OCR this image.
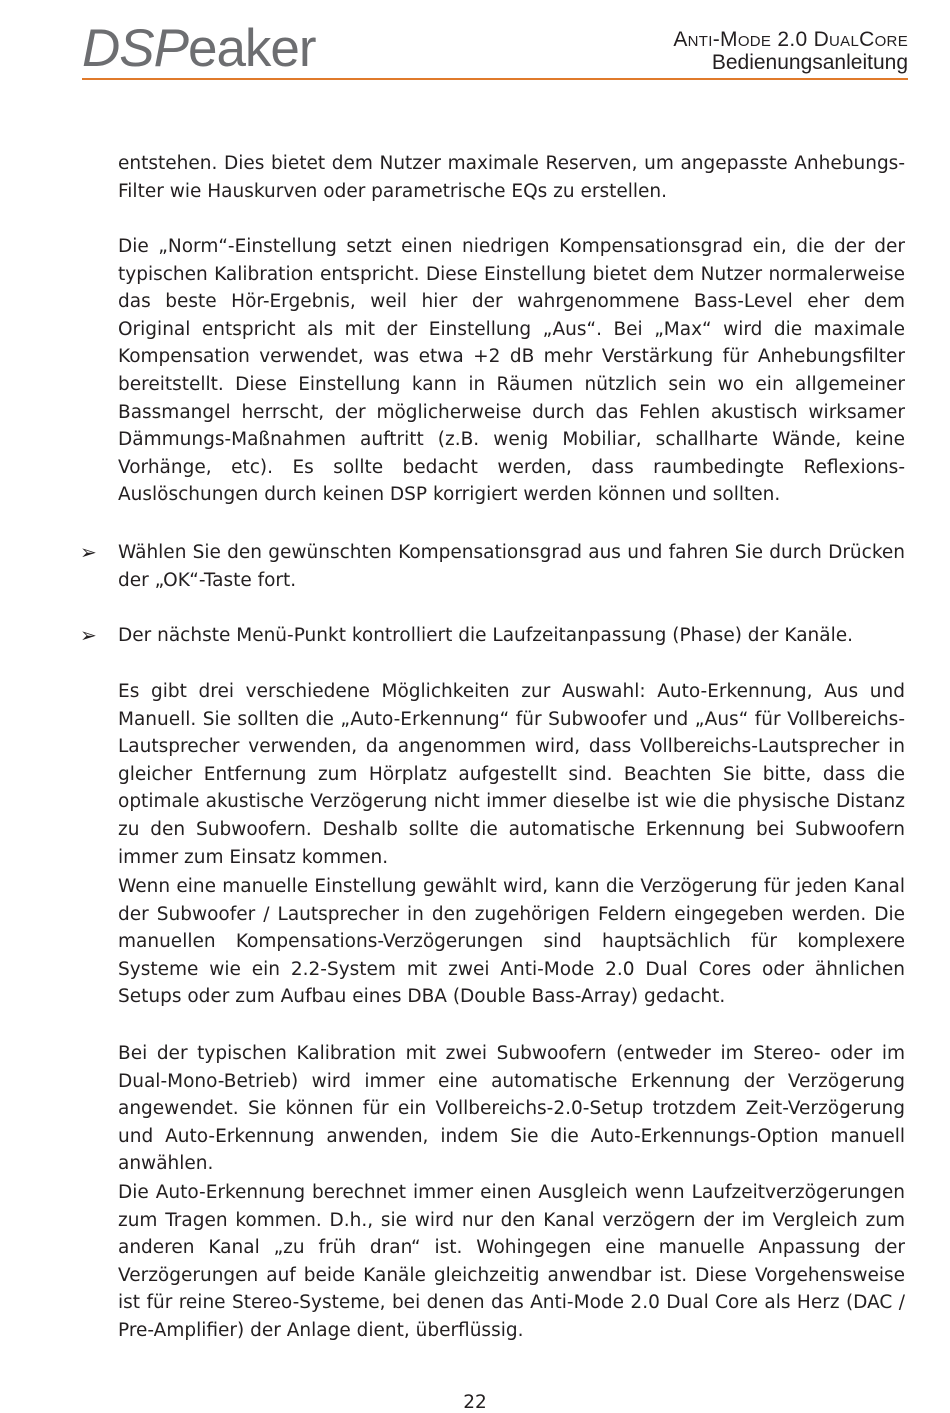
DSPeaker	Anti-Mode 2.0 DualCore
Bedienungsanleitung

entstehen. Dies bietet dem Nutzer maximale Reserven, um angepasste Anhebungs-Filter wie Hauskurven oder parametrische EQs zu erstellen.

Die „Norm“-Einstellung setzt einen niedrigen Kompensationsgrad ein, die der der typischen Kalibration entspricht. Diese Einstellung bietet dem Nutzer normalerweise das beste Hör-Ergebnis, weil hier der wahrgenommene Bass-Level eher dem Original entspricht als mit der Einstellung „Aus“. Bei „Max“ wird die maximale Kompensation verwendet, was etwa +2 dB mehr Verstärkung für Anhebungsfilter bereitstellt. Diese Einstellung kann in Räumen nützlich sein wo ein allgemeiner Bassmangel herrscht, der möglicherweise durch das Fehlen akustisch wirksamer Dämmungs-Maßnahmen auftritt (z.B. wenig Mobiliar, schallharte Wände, keine Vorhänge, etc). Es sollte bedacht werden, dass raumbedingte Reflexions-Auslöschungen durch keinen DSP korrigiert werden können und sollten.

➢ Wählen Sie den gewünschten Kompensationsgrad aus und fahren Sie durch Drücken der „OK“-Taste fort.

➢ Der nächste Menü-Punkt kontrolliert die Laufzeitanpassung (Phase) der Kanäle.

Es gibt drei verschiedene Möglichkeiten zur Auswahl: Auto-Erkennung, Aus und Manuell. Sie sollten die „Auto-Erkennung“ für Subwoofer und „Aus“ für Vollbereichs-Lautsprecher verwenden, da angenommen wird, dass Vollbereichs-Lautsprecher in gleicher Entfernung zum Hörplatz aufgestellt sind. Beachten Sie bitte, dass die optimale akustische Verzögerung nicht immer dieselbe ist wie die physische Distanz zu den Subwoofern. Deshalb sollte die automatische Erkennung bei Subwoofern immer zum Einsatz kommen.

Wenn eine manuelle Einstellung gewählt wird, kann die Verzögerung für jeden Kanal der Subwoofer / Lautsprecher in den zugehörigen Feldern eingegeben werden. Die manuellen Kompensations-Verzögerungen sind hauptsächlich für komplexere Systeme wie ein 2.2-System mit zwei Anti-Mode 2.0 Dual Cores oder ähnlichen Setups oder zum Aufbau eines DBA (Double Bass-Array) gedacht.

Bei der typischen Kalibration mit zwei Subwoofern (entweder im Stereo- oder im Dual-Mono-Betrieb) wird immer eine automatische Erkennung der Verzögerung angewendet. Sie können für ein Vollbereichs-2.0-Setup trotzdem Zeit-Verzögerung und Auto-Erkennung anwenden, indem Sie die Auto-Erkennungs-Option manuell anwählen.

Die Auto-Erkennung berechnet immer einen Ausgleich wenn Laufzeitverzögerungen zum Tragen kommen. D.h., sie wird nur den Kanal verzögern der im Vergleich zum anderen Kanal „zu früh dran“ ist. Wohingegen eine manuelle Anpassung der Verzögerungen auf beide Kanäle gleichzeitig anwendbar ist. Diese Vorgehensweise ist für reine Stereo-Systeme, bei denen das Anti-Mode 2.0 Dual Core als Herz (DAC / Pre-Amplifier) der Anlage dient, überflüssig.

22
